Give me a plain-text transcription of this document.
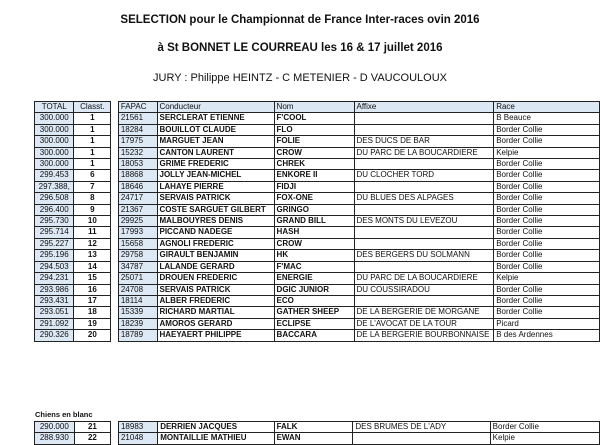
SELECTION pour le Championnat de France Inter-races ovin 2016
à St BONNET LE COURREAU les 16 & 17 juillet 2016
JURY : Philippe HEINTZ - C METENIER - D VAUCOULOUX
TOTAL	Classt.		FAPAC	Conducteur	Nom	Affixe	Race
300.000	1		21561	SERCLERAT ETIENNE	F'COOL		B Beauce
300.000	1		18284	BOUILLOT CLAUDE	FLO		Border Collie
300.000	1		17975	MARGUET JEAN	FOLIE	DES DUCS DE BAR	Border Collie
300.000	1		15232	CANTON LAURENT	CROW	DU PARC DE LA BOUCARDIERE	Kelpie
300.000	1		18053	GRIME FREDERIC	CHREK		Border Collie
299.453	6		18868	JOLLY JEAN-MICHEL	ENKORE II	DU CLOCHER TORD	Border Collie
297.388,	7		18646	LAHAYE PIERRE	FIDJI		Border Collie
296.508	8		24717	SERVAIS PATRICK	FOX-ONE	DU BLUES DES ALPAGES	Border Collie
296.400	9		21367	COSTE SARGUET GILBERT	GRINGO		Border Collie
295.730	10		29925	MALBOUYRES DENIS	GRAND BILL	DES MONTS DU LEVEZOU	Border Collie
295.714	11		17993	PICCAND NADEGE	HASH		Border Collie
295.227	12		15658	AGNOLI FREDERIC	CROW		Border Collie
295.196	13		29758	GIRAULT BENJAMIN	HK	DES BERGERS DU SOLMANN	Border Collie
294.503	14		34787	LALANDE GERARD	F'MAC		Border Collie
294.231	15		25071	DROUEN FREDERIC	ENERGIE	DU PARC DE LA BOUCARDIERE	Kelpie
293.986	16		24708	SERVAIS PATRICK	DGIC JUNIOR	DU COUSSIRADOU	Border Collie
293.431	17		18114	ALBER FREDERIC	ECO		Border Collie
293.051	18		15339	RICHARD MARTIAL	GATHER SHEEP	DE LA BERGERIE DE MORGANE	Border Collie
291.092	19		18239	AMOROS GERARD	ECLIPSE	DE L'AVOCAT DE LA TOUR	Picard
290.326	20		18789	HAEYAERT PHILIPPE	BACCARA	DE LA BERGERIE BOURBONNAISE	B des Ardennes
Chiens en blanc
290.000	21		18983	DERRIEN JACQUES	FALK	DES BRUMES DE L'ADY	Border Collie
288.930	22		21048	MONTAILLIE MATHIEU	EWAN		Kelpie
